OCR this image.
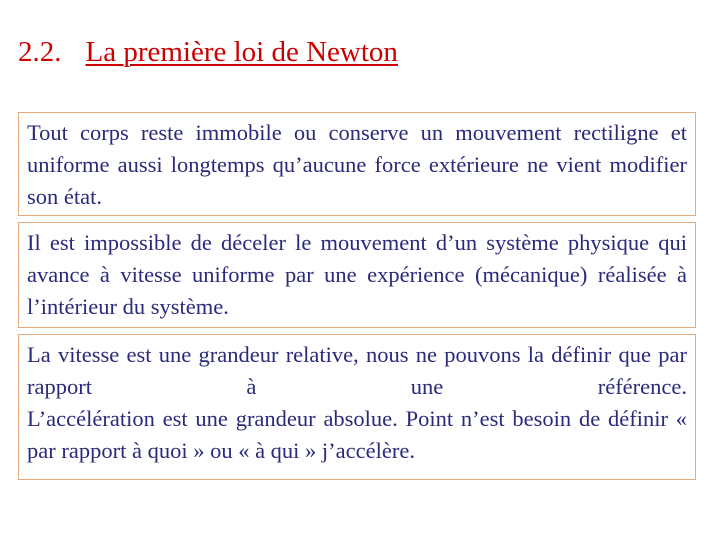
2.2. La première loi de Newton

Tout corps reste immobile ou conserve un mouvement rectiligne et uniforme aussi longtemps qu’aucune force extérieure ne vient modifier son état.

Il est impossible de déceler le mouvement d’un système physique qui avance à vitesse uniforme par une expérience (mécanique) réalisée à l’intérieur du système.

La vitesse est une grandeur relative, nous ne pouvons la définir que par rapport à une référence.

L’accélération est une grandeur absolue. Point n’est besoin de définir « par rapport à quoi » ou « à qui » j’accélère.
